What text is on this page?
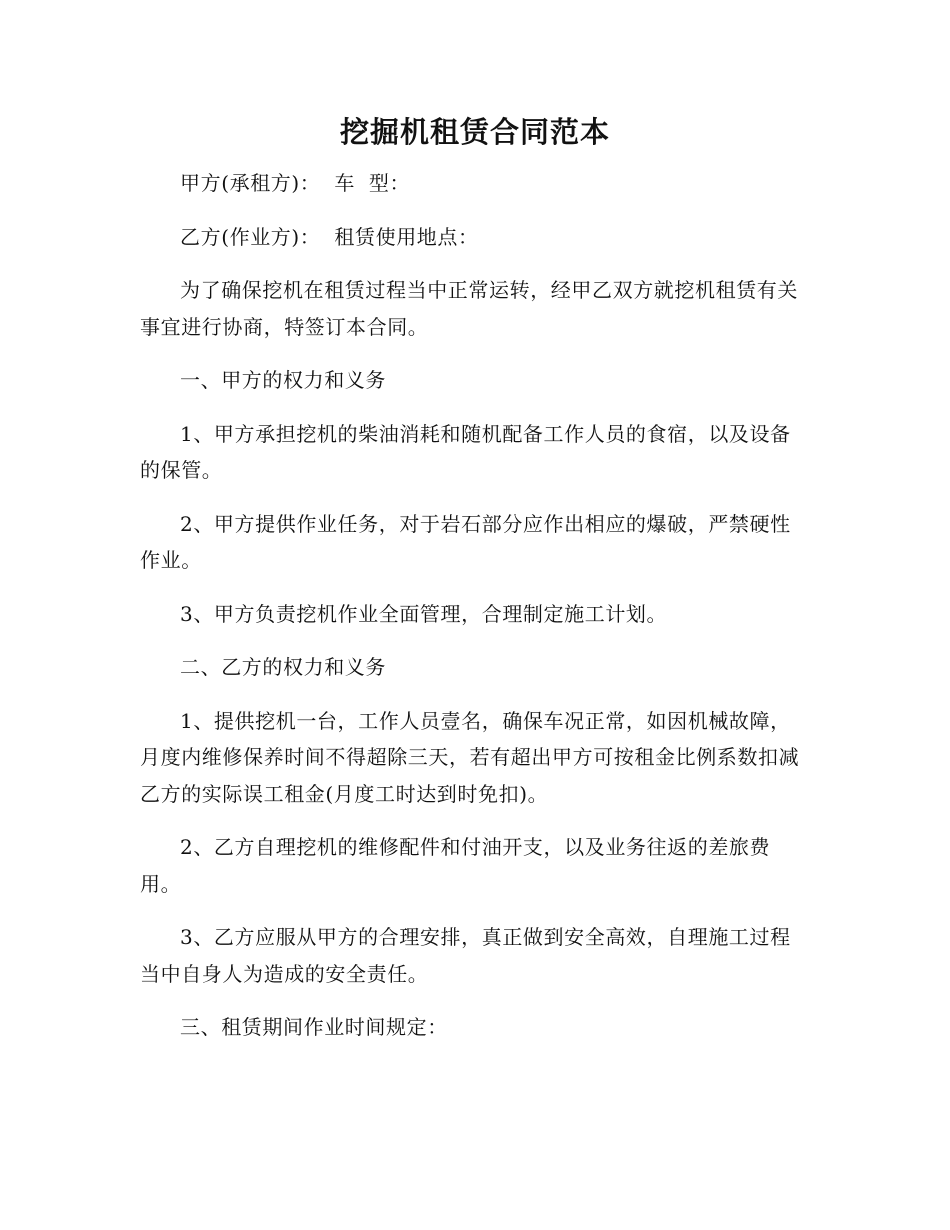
挖掘机租赁合同范本

甲方(承租方)： 车  型：

乙方(作业方)： 租赁使用地点：

为了确保挖机在租赁过程当中正常运转，经甲乙双方就挖机租赁有关事宜进行协商，特签订本合同。

一、甲方的权力和义务

1、甲方承担挖机的柴油消耗和随机配备工作人员的食宿，以及设备的保管。

2、甲方提供作业任务，对于岩石部分应作出相应的爆破，严禁硬性作业。

3、甲方负责挖机作业全面管理，合理制定施工计划。

二、乙方的权力和义务

1、提供挖机一台，工作人员壹名，确保车况正常，如因机械故障，月度内维修保养时间不得超除三天，若有超出甲方可按租金比例系数扣减乙方的实际误工租金(月度工时达到时免扣)。

2、乙方自理挖机的维修配件和付油开支，以及业务往返的差旅费用。

3、乙方应服从甲方的合理安排，真正做到安全高效，自理施工过程当中自身人为造成的安全责任。

三、租赁期间作业时间规定：
